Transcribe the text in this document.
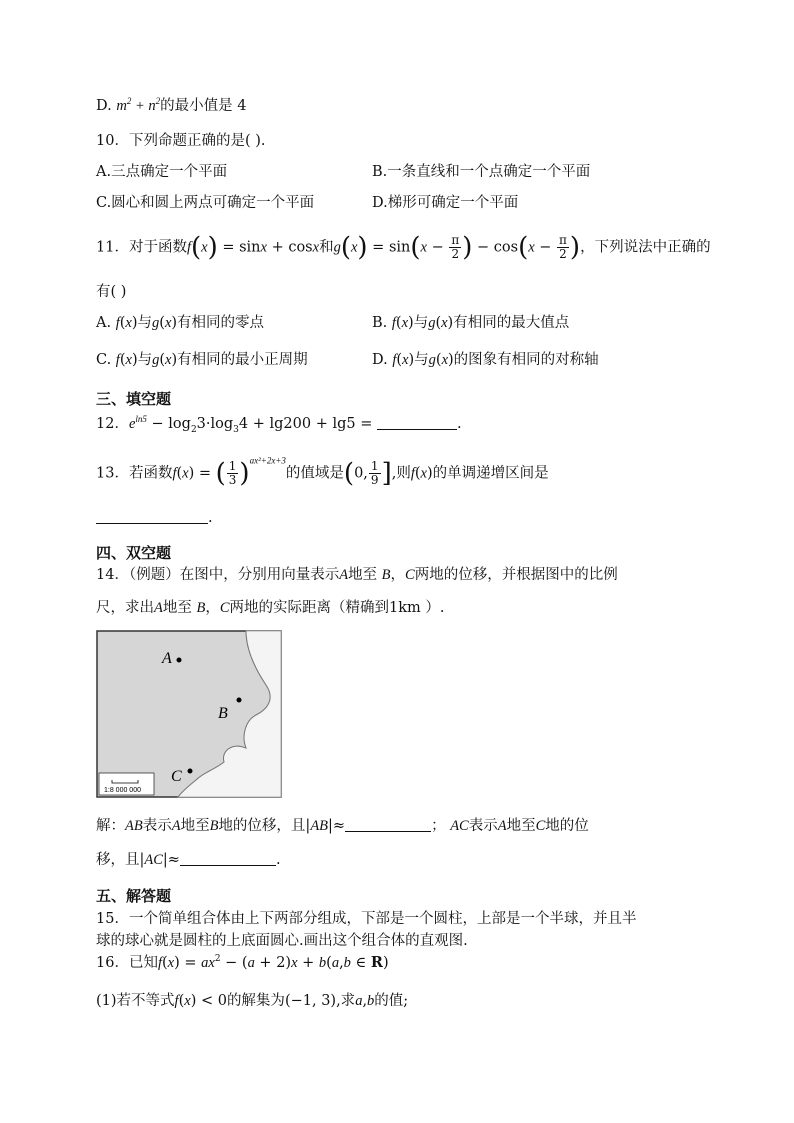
D. $m^2 + n^2$的最小值是 4
10．下列命题正确的是( ).
A.三点确定一个平面	B.一条直线和一个点确定一个平面
C.圆心和圆上两点可确定一个平面	D.梯形可确定一个平面
11．对于函数f(x) = sinx + cosx和$g(x) = \sin(x - \frac{\pi}{2}$ ) − $\cos(x - \frac{\pi}{2}$ )，下列说法中正确的
有( )
A. f(x)与g(x)有相同的零点	B. f(x)与g(x)有相同的最大值点
C. f(x)与g(x)有相同的最小正周期	D. f(x)与g(x)的图象有相同的对称轴
三、填空题
12．$e^{ln5} - \log_23\cdot\log_34 + \lg 200 + \lg 5$ =	.
13．若函数f(x) = ( $\frac{1}{3} )^{ax^2+2x+3}$的值域是(0, $\frac{1}{9}$ ],则f(x)的单调递增区间是
.
四、双空题
14．（例题）在图中，分别用向量表示A地至 B，C两地的位移，并根据图中的比例
尺，求出A地至 B，C两地的实际距离（精确到1km ）.
A
B
C
1:8 000 000
解：AB表示A地至B地的位移，且|AB|≈	； AC表示A地至C地的位
移，且|AC|≈	.
五、解答题
15．一个简单组合体由上下两部分组成，下部是一个圆柱，上部是一个半球，并且半
球的球心就是圆柱的上底面圆心.画出这个组合体的直观图.
16．已知$f(x) = ax^2 - (a + 2)x + b(a,b$ ∈ R)
(1)若不等式f(x) < 0的解集为(−1, 3),求a,b的值;
